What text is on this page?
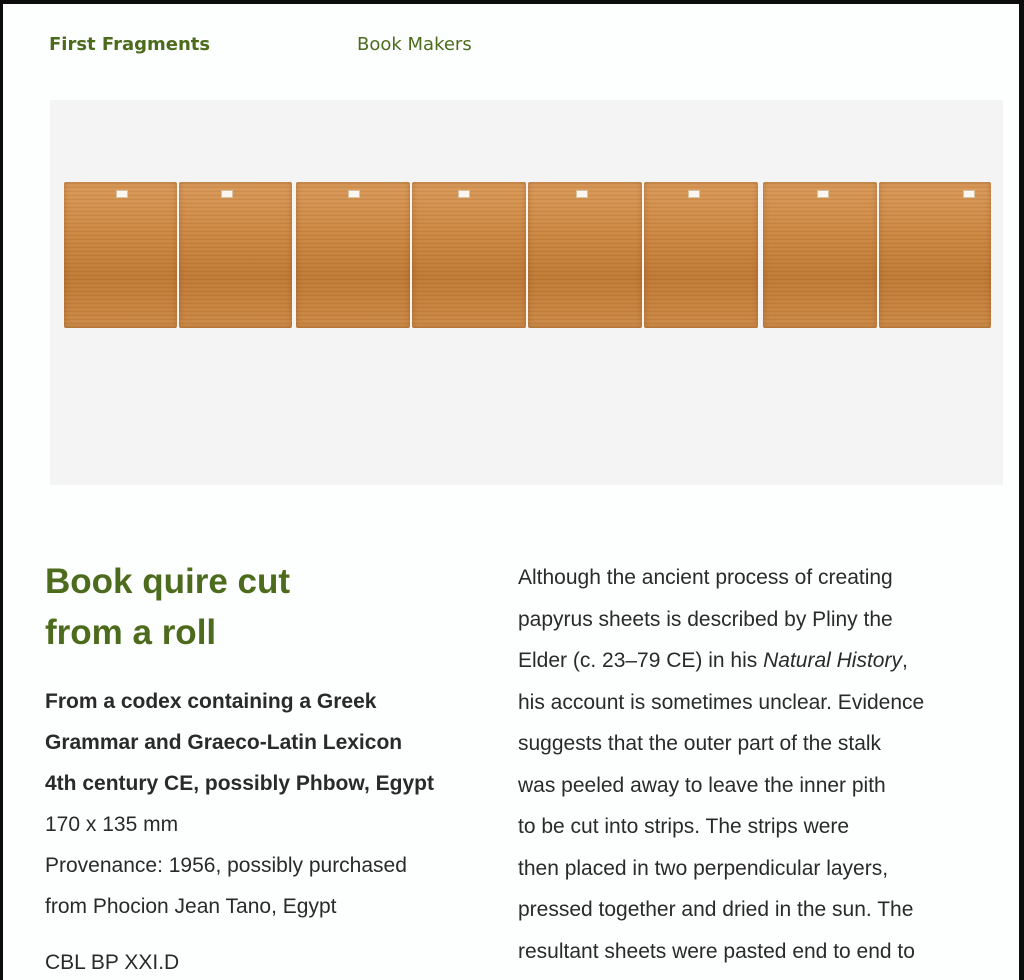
First Fragments	Book Makers
Book quire cut
from a roll
From a codex containing a Greek
Grammar and Graeco-Latin Lexicon
4th century CE, possibly Phbow, Egypt
170 x 135 mm
Provenance: 1956, possibly purchased
from Phocion Jean Tano, Egypt
CBL BP XXI.D
Although the ancient process of creating
papyrus sheets is described by Pliny the
Elder (c. 23–79 CE) in his Natural History,
his account is sometimes unclear. Evidence
suggests that the outer part of the stalk
was peeled away to leave the inner pith
to be cut into strips. The strips were
then placed in two perpendicular layers,
pressed together and dried in the sun. The
resultant sheets were pasted end to end to
